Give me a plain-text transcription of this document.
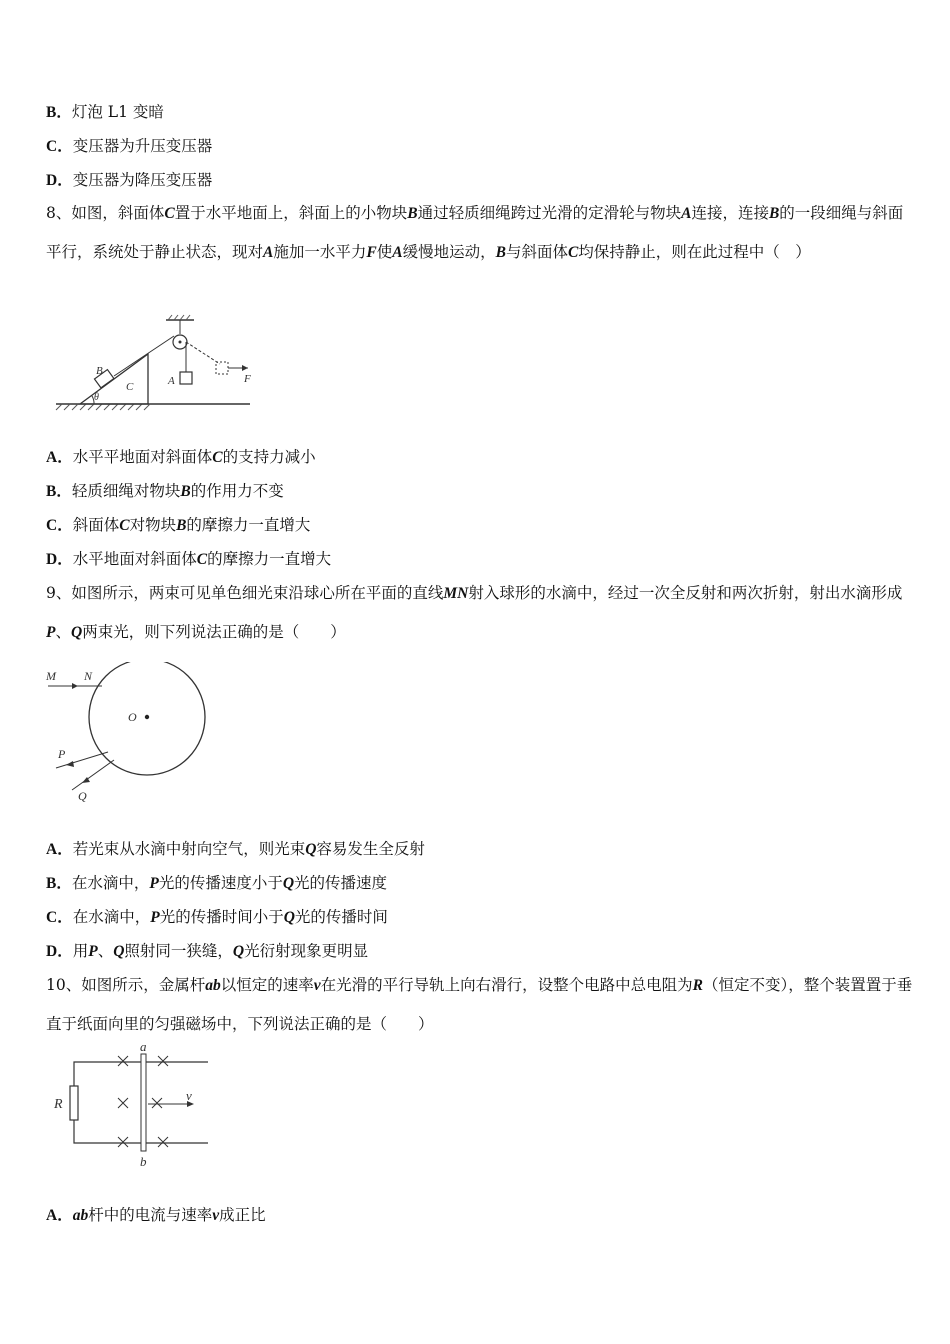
B．灯泡 L1 变暗
C．变压器为升压变压器
D．变压器为降压变压器
8、如图，斜面体C置于水平地面上，斜面上的小物块B通过轻质细绳跨过光滑的定滑轮与物块A连接，连接B的一段细绳与斜面平行，系统处于静止状态，现对A施加一水平力F使A缓慢地运动，B与斜面体C均保持静止，则在此过程中（　）
B
C	A	F
θ
A．水平平地面对斜面体C的支持力减小
B．轻质细绳对物块B的作用力不变
C．斜面体C对物块B的摩擦力一直增大
D．水平地面对斜面体C的摩擦力一直增大
9、如图所示，两束可见单色细光束沿球心所在平面的直线MN射入球形的水滴中，经过一次全反射和两次折射，射出水滴形成P、Q两束光，则下列说法正确的是（　　）
M N
O
P
Q
A．若光束从水滴中射向空气，则光束Q容易发生全反射
B．在水滴中，P光的传播速度小于Q光的传播速度
C．在水滴中，P光的传播时间小于Q光的传播时间
D．用P、Q照射同一狭缝，Q光衍射现象更明显
10、如图所示，金属杆ab以恒定的速率v在光滑的平行导轨上向右滑行，设整个电路中总电阻为R（恒定不变），整个装置置于垂直于纸面向里的匀强磁场中，下列说法正确的是（　　）
a
b
R
v
A．ab杆中的电流与速率v成正比
